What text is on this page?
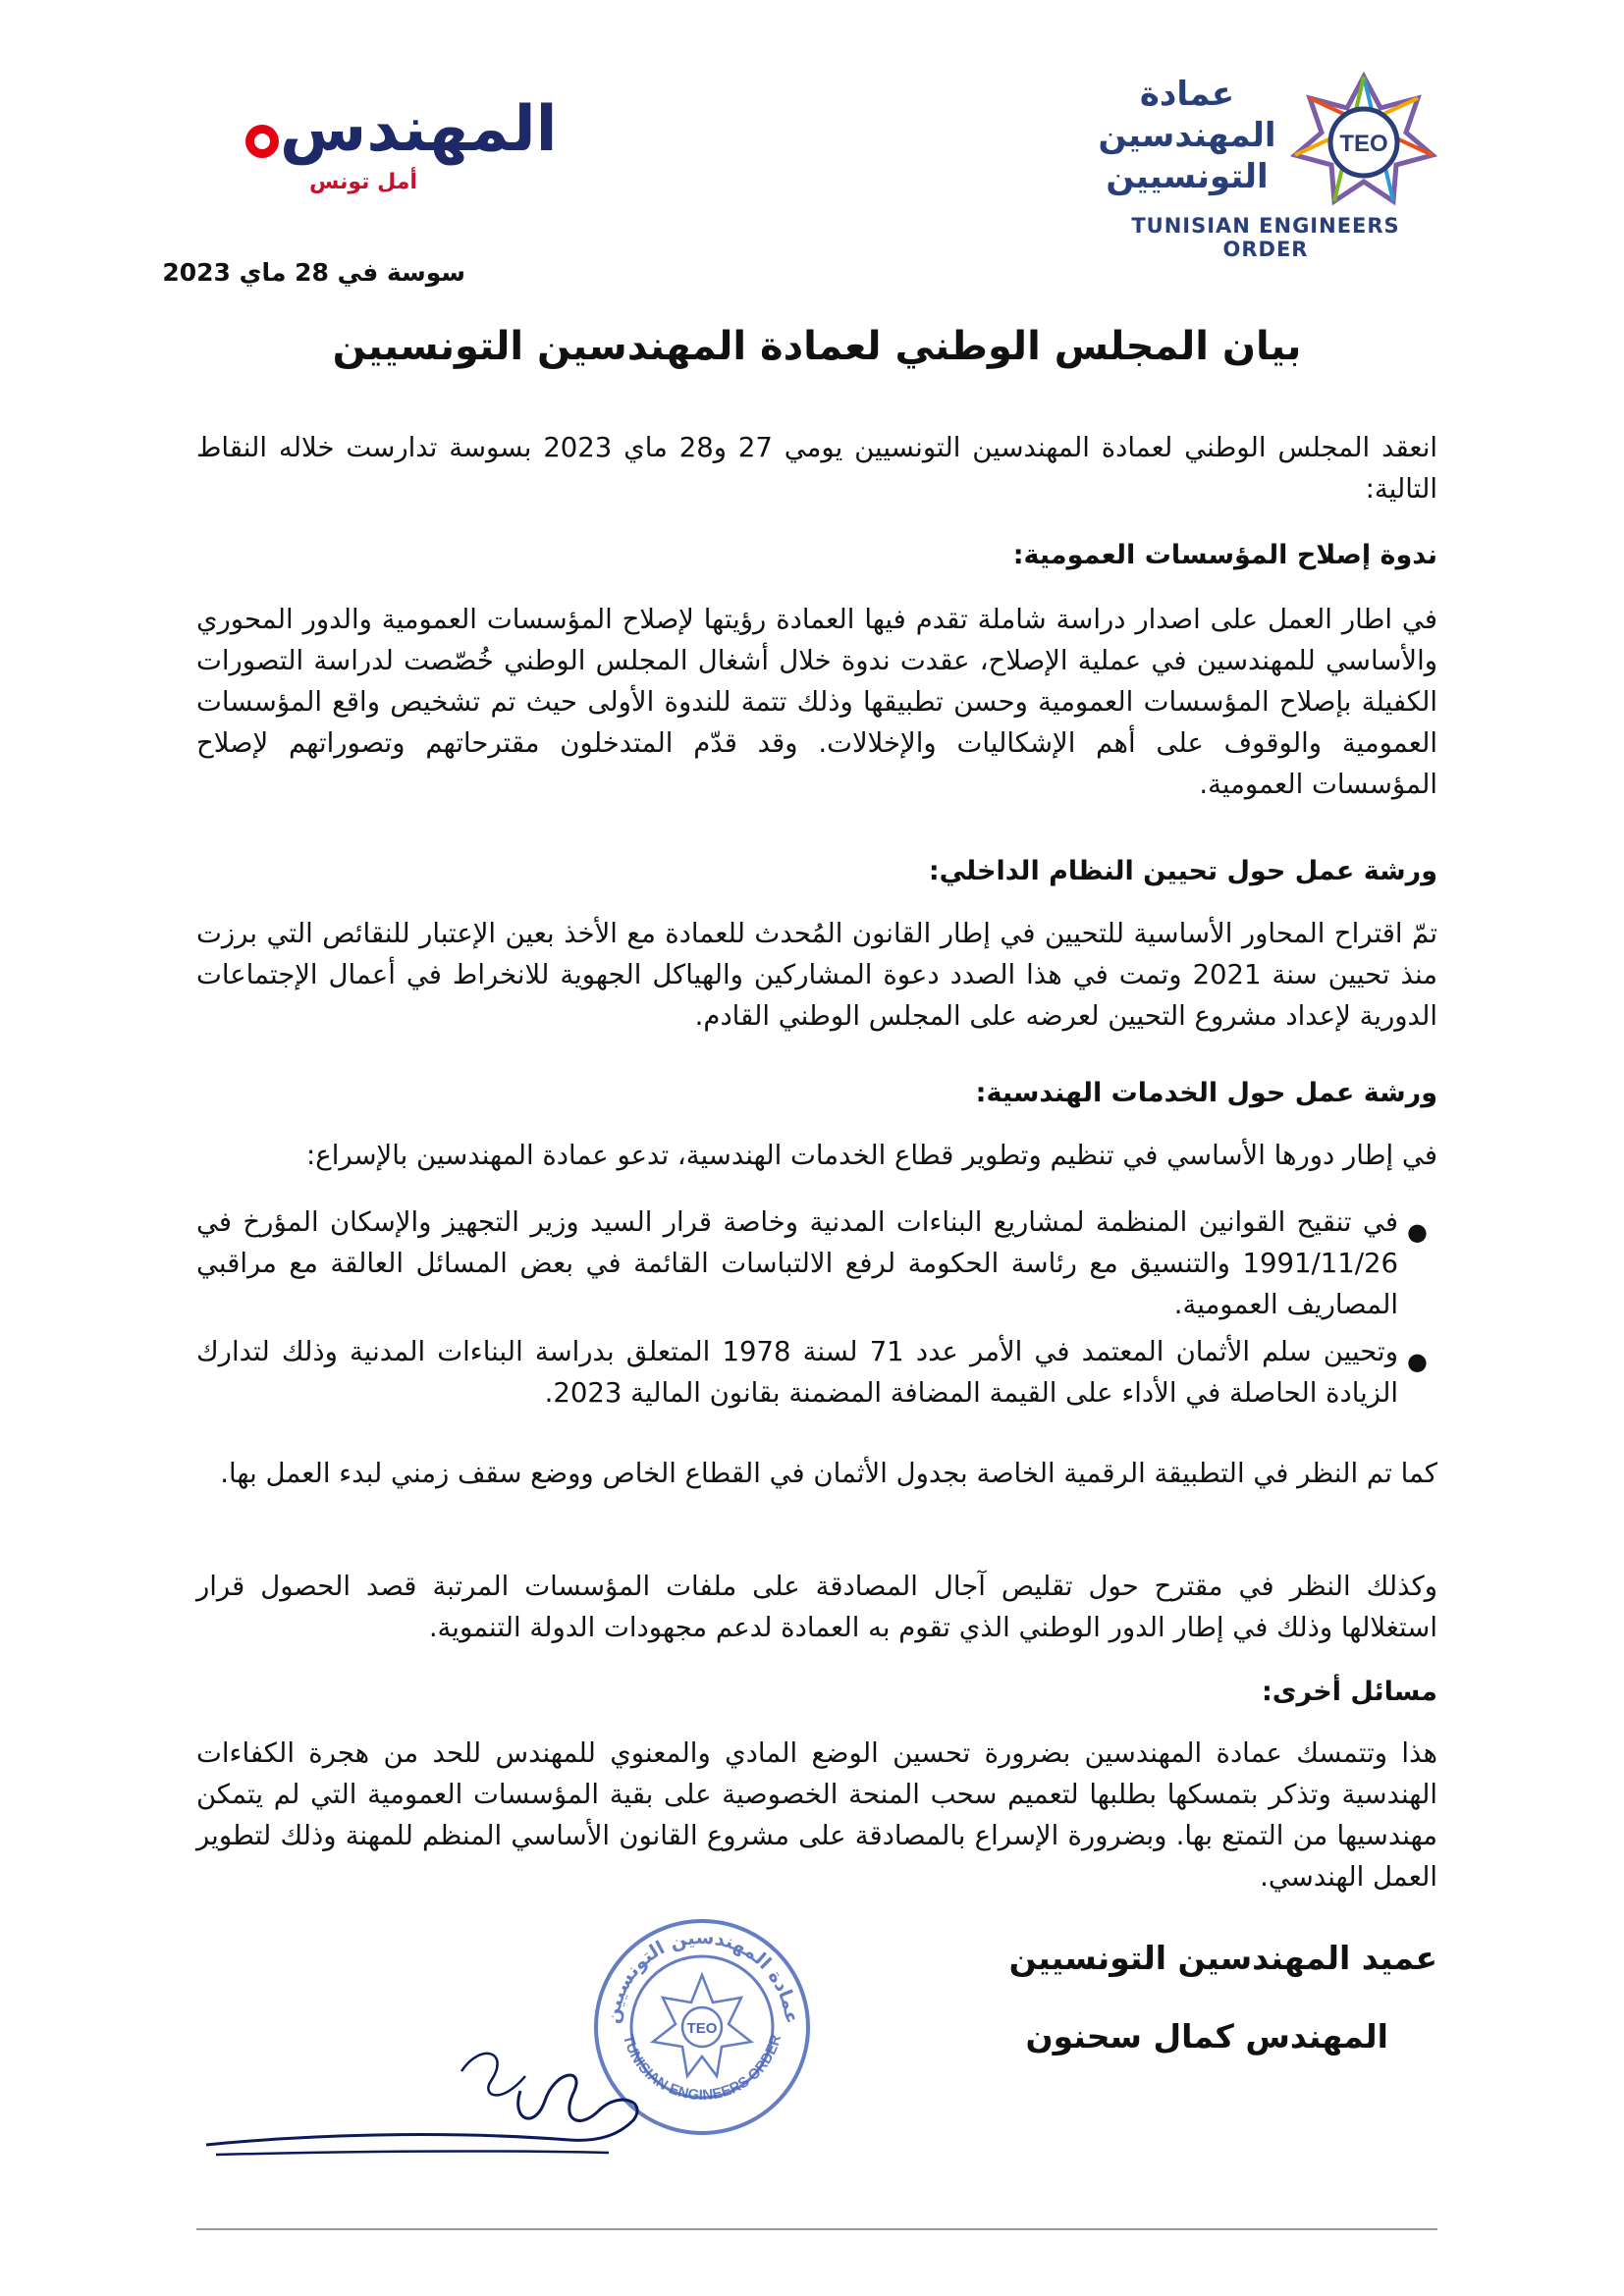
TEO
عمادة
المهندسين
التونسيين
TUNISIAN ENGINEERS ORDER
المهندس
أمل تونس
سوسة في 28 ماي 2023
بيان المجلس الوطني لعمادة المهندسين التونسيين
انعقد المجلس الوطني لعمادة المهندسين التونسيين يومي 27 و28 ماي 2023 بسوسة تدارست خلاله النقاط التالية:
ندوة إصلاح المؤسسات العمومية:
في اطار العمل على اصدار دراسة شاملة تقدم فيها العمادة رؤيتها لإصلاح المؤسسات العمومية والدور المحوري والأساسي للمهندسين في عملية الإصلاح، عقدت ندوة خلال أشغال المجلس الوطني خُصّصت لدراسة التصورات الكفيلة بإصلاح المؤسسات العمومية وحسن تطبيقها وذلك تتمة للندوة الأولى حيث تم تشخيص واقع المؤسسات العمومية والوقوف على أهم الإشكاليات والإخلالات. وقد قدّم المتدخلون مقترحاتهم وتصوراتهم لإصلاح المؤسسات العمومية.
ورشة عمل حول تحيين النظام الداخلي:
تمّ اقتراح المحاور الأساسية للتحيين في إطار القانون المُحدث للعمادة مع الأخذ بعين الإعتبار للنقائص التي برزت منذ تحيين سنة 2021 وتمت في هذا الصدد دعوة المشاركين والهياكل الجهوية للانخراط في أعمال الإجتماعات الدورية لإعداد مشروع التحيين لعرضه على المجلس الوطني القادم.
ورشة عمل حول الخدمات الهندسية:
في إطار دورها الأساسي في تنظيم وتطوير قطاع الخدمات الهندسية، تدعو عمادة المهندسين بالإسراع:
●
في تنقيح القوانين المنظمة لمشاريع البناءات المدنية وخاصة قرار السيد وزير التجهيز والإسكان المؤرخ في 1991/11/26 والتنسيق مع رئاسة الحكومة لرفع الالتباسات القائمة في بعض المسائل العالقة مع مراقبي المصاريف العمومية.
●
وتحيين سلم الأثمان المعتمد في الأمر عدد 71 لسنة 1978 المتعلق بدراسة البناءات المدنية وذلك لتدارك الزيادة الحاصلة في الأداء على القيمة المضافة المضمنة بقانون المالية 2023.
كما تم النظر في التطبيقة الرقمية الخاصة بجدول الأثمان في القطاع الخاص ووضع سقف زمني لبدء العمل بها.
وكذلك النظر في مقترح حول تقليص آجال المصادقة على ملفات المؤسسات المرتبة قصد الحصول قرار استغلالها وذلك في إطار الدور الوطني الذي تقوم به العمادة لدعم مجهودات الدولة التنموية.
مسائل أخرى:
هذا وتتمسك عمادة المهندسين بضرورة تحسين الوضع المادي والمعنوي للمهندس للحد من هجرة الكفاءات الهندسية وتذكر بتمسكها بطلبها لتعميم سحب المنحة الخصوصية على بقية المؤسسات العمومية التي لم يتمكن مهندسيها من التمتع بها. وبضرورة الإسراع بالمصادقة على مشروع القانون الأساسي المنظم للمهنة وذلك لتطوير العمل الهندسي.
عميد المهندسين التونسيين
المهندس كمال سحنون
عمادة المهندسين التونسيين
TUNISIAN ENGINEERS ORDER
TEO
